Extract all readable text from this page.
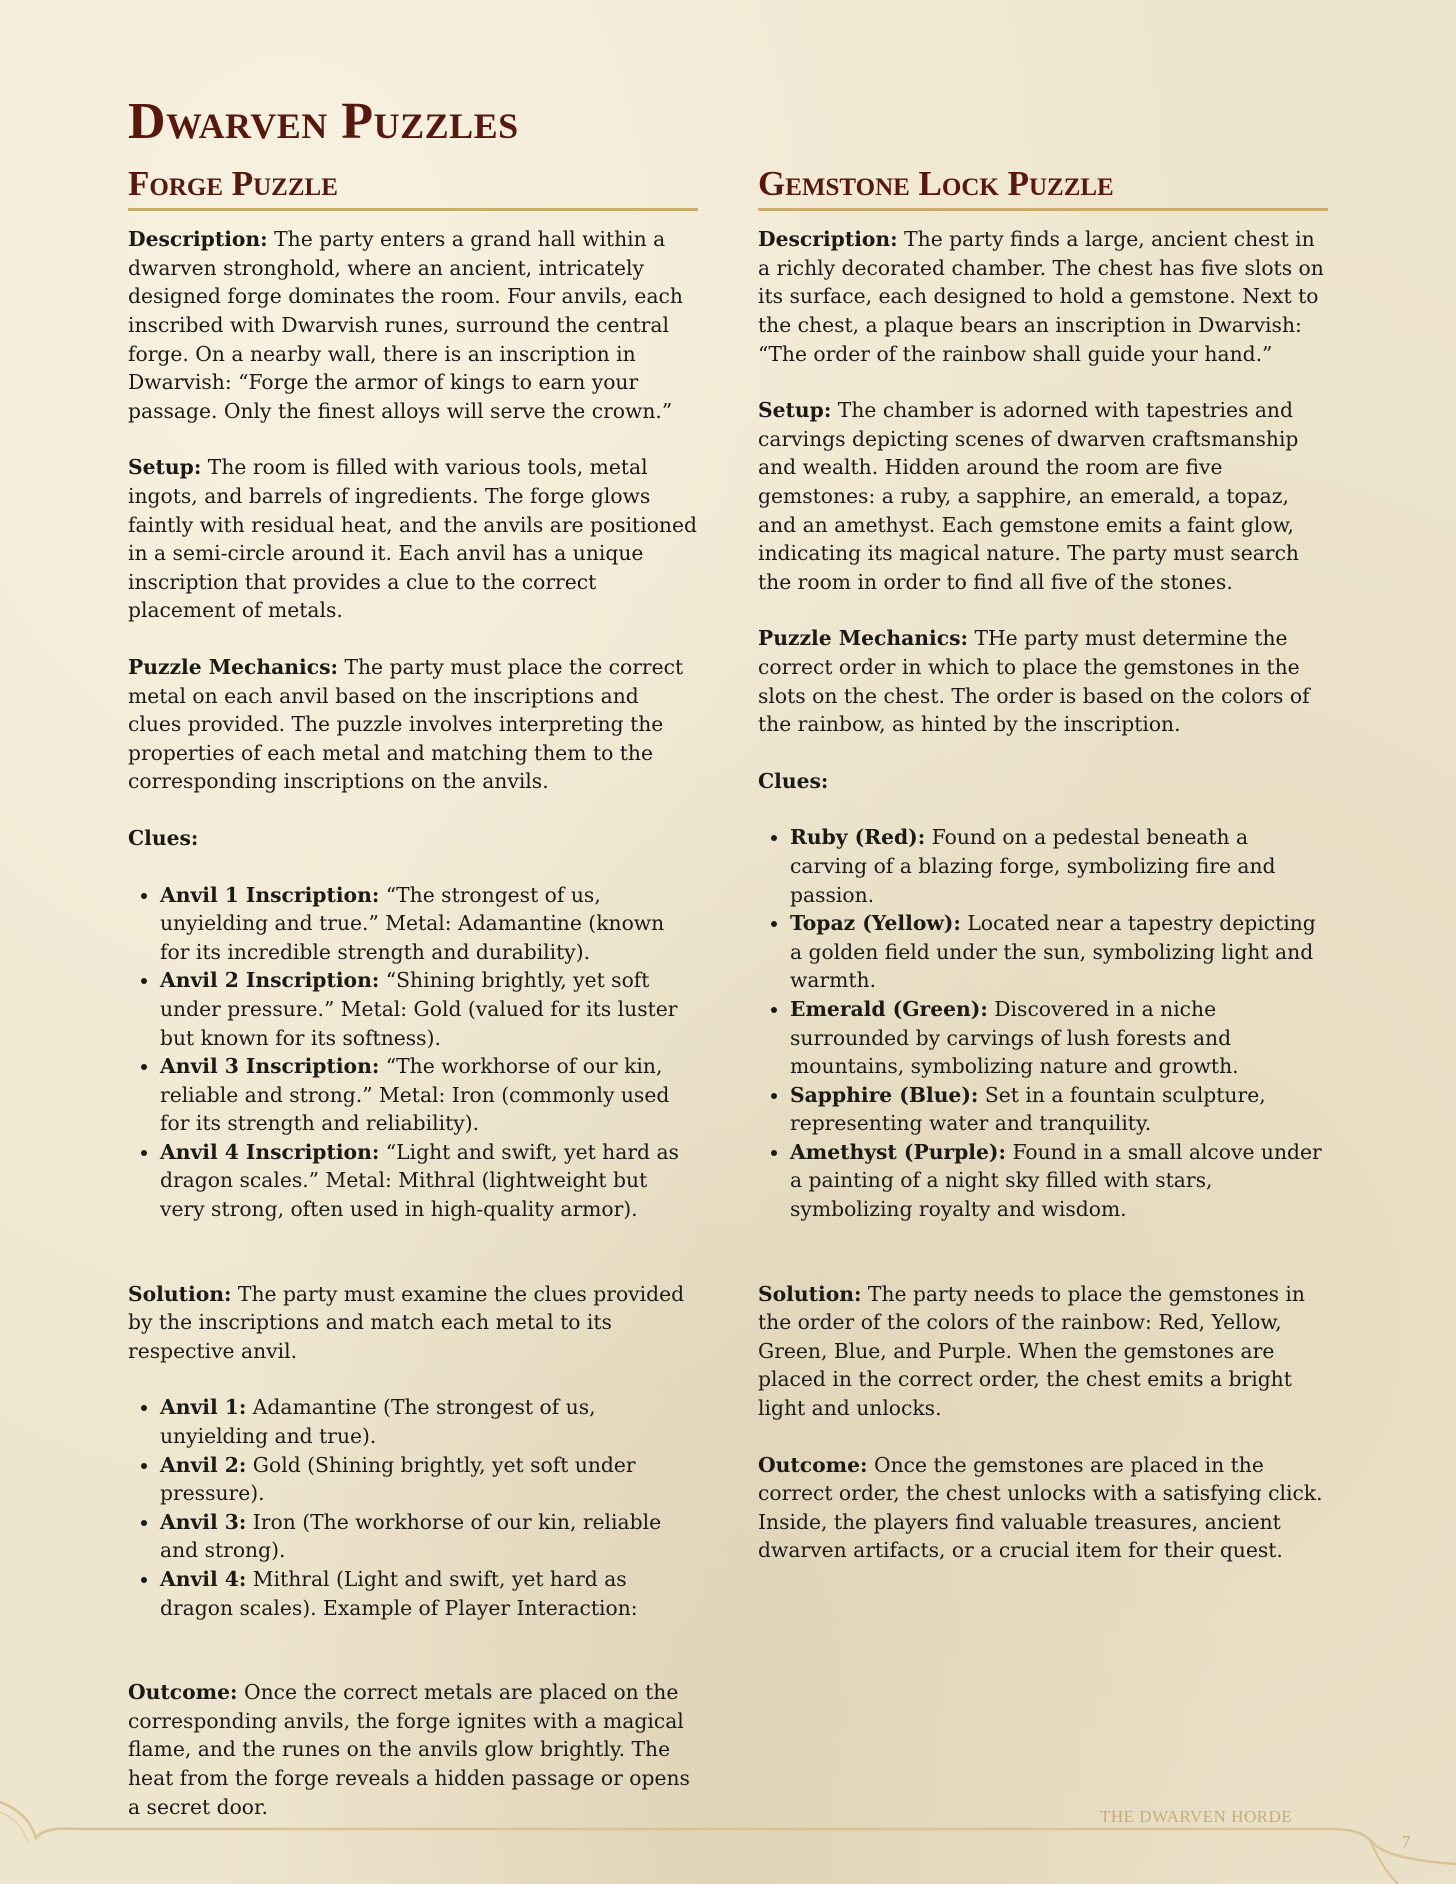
Dwarven Puzzles
Forge Puzzle

Description: The party enters a grand hall within a dwarven stronghold, where an ancient, intricately designed forge dominates the room. Four anvils, each inscribed with Dwarvish runes, surround the central forge. On a nearby wall, there is an inscription in Dwarvish: “Forge the armor of kings to earn your passage. Only the finest alloys will serve the crown.”

Setup: The room is filled with various tools, metal ingots, and barrels of ingredients. The forge glows faintly with residual heat, and the anvils are positioned in a semi-circle around it. Each anvil has a unique inscription that provides a clue to the correct placement of metals.

Puzzle Mechanics: The party must place the correct metal on each anvil based on the inscriptions and clues provided. The puzzle involves interpreting the properties of each metal and matching them to the corresponding inscriptions on the anvils.

Clues:

• Anvil 1 Inscription: “The strongest of us, unyielding and true.” Metal: Adamantine (known for its incredible strength and durability).
• Anvil 2 Inscription: “Shining brightly, yet soft under pressure.” Metal: Gold (valued for its luster but known for its softness).
• Anvil 3 Inscription: “The workhorse of our kin, reliable and strong.” Metal: Iron (commonly used for its strength and reliability).
• Anvil 4 Inscription: “Light and swift, yet hard as dragon scales.” Metal: Mithral (lightweight but very strong, often used in high-quality armor).

Solution: The party must examine the clues provided by the inscriptions and match each metal to its respective anvil.

• Anvil 1: Adamantine (The strongest of us, unyielding and true).
• Anvil 2: Gold (Shining brightly, yet soft under pressure).
• Anvil 3: Iron (The workhorse of our kin, reliable and strong).
• Anvil 4: Mithral (Light and swift, yet hard as dragon scales). Example of Player Interaction:

Outcome: Once the correct metals are placed on the corresponding anvils, the forge ignites with a magical flame, and the runes on the anvils glow brightly. The heat from the forge reveals a hidden passage or opens a secret door.

Gemstone Lock Puzzle

Description: The party finds a large, ancient chest in a richly decorated chamber. The chest has five slots on its surface, each designed to hold a gemstone. Next to the chest, a plaque bears an inscription in Dwarvish: “The order of the rainbow shall guide your hand.”

Setup: The chamber is adorned with tapestries and carvings depicting scenes of dwarven craftsmanship and wealth. Hidden around the room are five gemstones: a ruby, a sapphire, an emerald, a topaz, and an amethyst. Each gemstone emits a faint glow, indicating its magical nature. The party must search the room in order to find all five of the stones.

Puzzle Mechanics: THe party must determine the correct order in which to place the gemstones in the slots on the chest. The order is based on the colors of the rainbow, as hinted by the inscription.

Clues:

• Ruby (Red): Found on a pedestal beneath a carving of a blazing forge, symbolizing fire and passion.
• Topaz (Yellow): Located near a tapestry depicting a golden field under the sun, symbolizing light and warmth.
• Emerald (Green): Discovered in a niche surrounded by carvings of lush forests and mountains, symbolizing nature and growth.
• Sapphire (Blue): Set in a fountain sculpture, representing water and tranquility.
• Amethyst (Purple): Found in a small alcove under a painting of a night sky filled with stars, symbolizing royalty and wisdom.

Solution: The party needs to place the gemstones in the order of the colors of the rainbow: Red, Yellow, Green, Blue, and Purple. When the gemstones are placed in the correct order, the chest emits a bright light and unlocks.

Outcome: Once the gemstones are placed in the correct order, the chest unlocks with a satisfying click. Inside, the players find valuable treasures, ancient dwarven artifacts, or a crucial item for their quest.

THE DWARVEN HORDE
7
